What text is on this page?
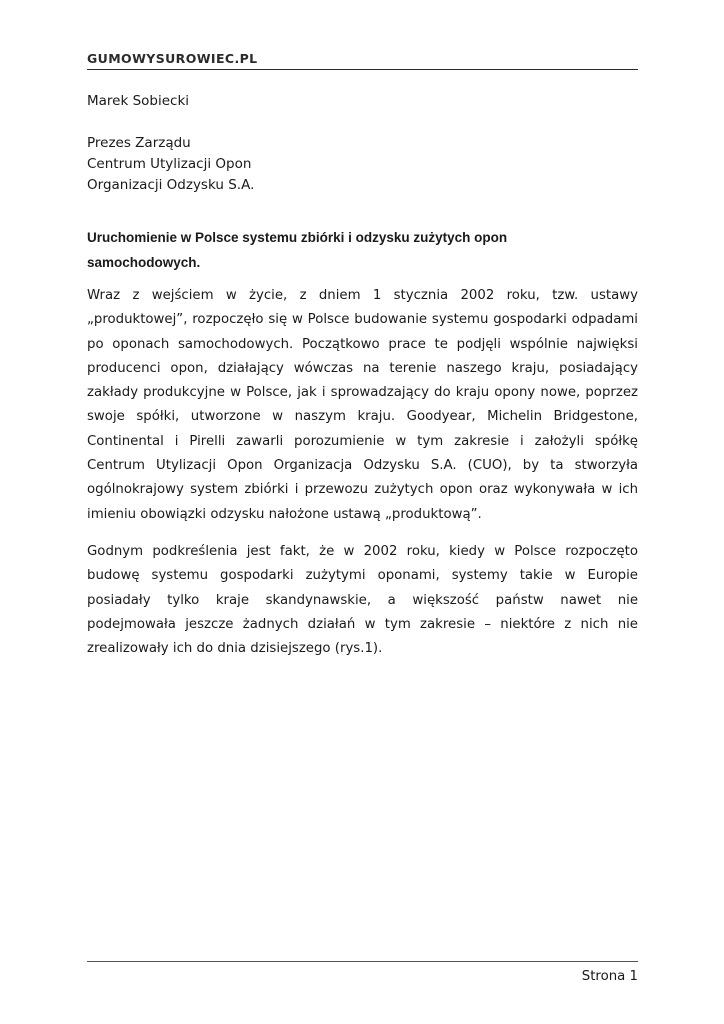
GUMOWYSUROWIEC.PL

Marek Sobiecki

Prezes Zarządu

Centrum Utylizacji Opon

Organizacji Odzysku S.A.

Uruchomienie w Polsce systemu zbiórki i odzysku zużytych opon

samochodowych.

Wraz z wejściem w życie, z dniem 1 stycznia 2002 roku, tzw. ustawy

„produktowej”, rozpoczęło się w Polsce budowanie systemu gospodarki odpadami

po oponach samochodowych. Początkowo prace te podjęli wspólnie najwięksi

producenci opon, działający wówczas na terenie naszego kraju, posiadający

zakłady produkcyjne w Polsce, jak i sprowadzający do kraju opony nowe, poprzez

swoje spółki, utworzone w naszym kraju. Goodyear, Michelin Bridgestone,

Continental i Pirelli zawarli porozumienie w tym zakresie i założyli spółkę

Centrum Utylizacji Opon Organizacja Odzysku S.A. (CUO), by ta stworzyła

ogólnokrajowy system zbiórki i przewozu zużytych opon oraz wykonywała w ich

imieniu obowiązki odzysku nałożone ustawą „produktową”.

Godnym podkreślenia jest fakt, że w 2002 roku, kiedy w Polsce rozpoczęto

budowę systemu gospodarki zużytymi oponami, systemy takie w Europie

posiadały tylko kraje skandynawskie, a większość państw nawet nie

podejmowała jeszcze żadnych działań w tym zakresie – niektóre z nich nie

zrealizowały ich do dnia dzisiejszego (rys.1).

Strona 1
